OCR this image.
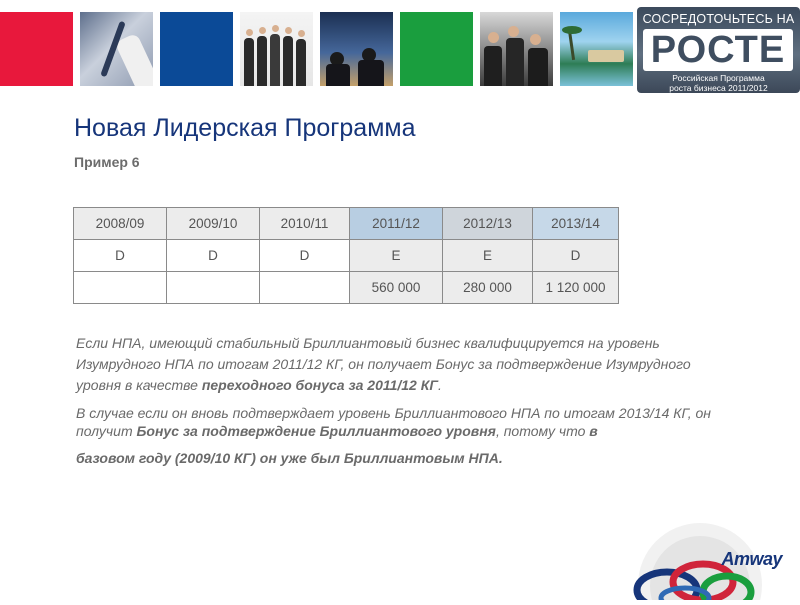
СОСРЕДОТОЧЬТЕСЬ НА
РОСТЕ
Российская Программа
роста бизнеса 2011/2012
Новая Лидерская Программа
Пример 6
2008/09	2009/10	2010/11	2011/12	2012/13	2013/14
D	D	D	E	E	D
			560 000	280 000	1 120 000
Если НПА, имеющий стабильный Бриллиантовый бизнес квалифицируется на уровень Изумрудного НПА по итогам 2011/12 КГ, он получает Бонус за подтверждение Изумрудного уровня в качестве переходного бонуса за 2011/12 КГ.
В случае если он вновь подтверждает уровень Бриллиантового НПА по итогам 2013/14 КГ, он получит Бонус за подтверждение Бриллиантового уровня, потому что в
базовом году (2009/10 КГ) он уже был Бриллиантовым НПА.
Amway
